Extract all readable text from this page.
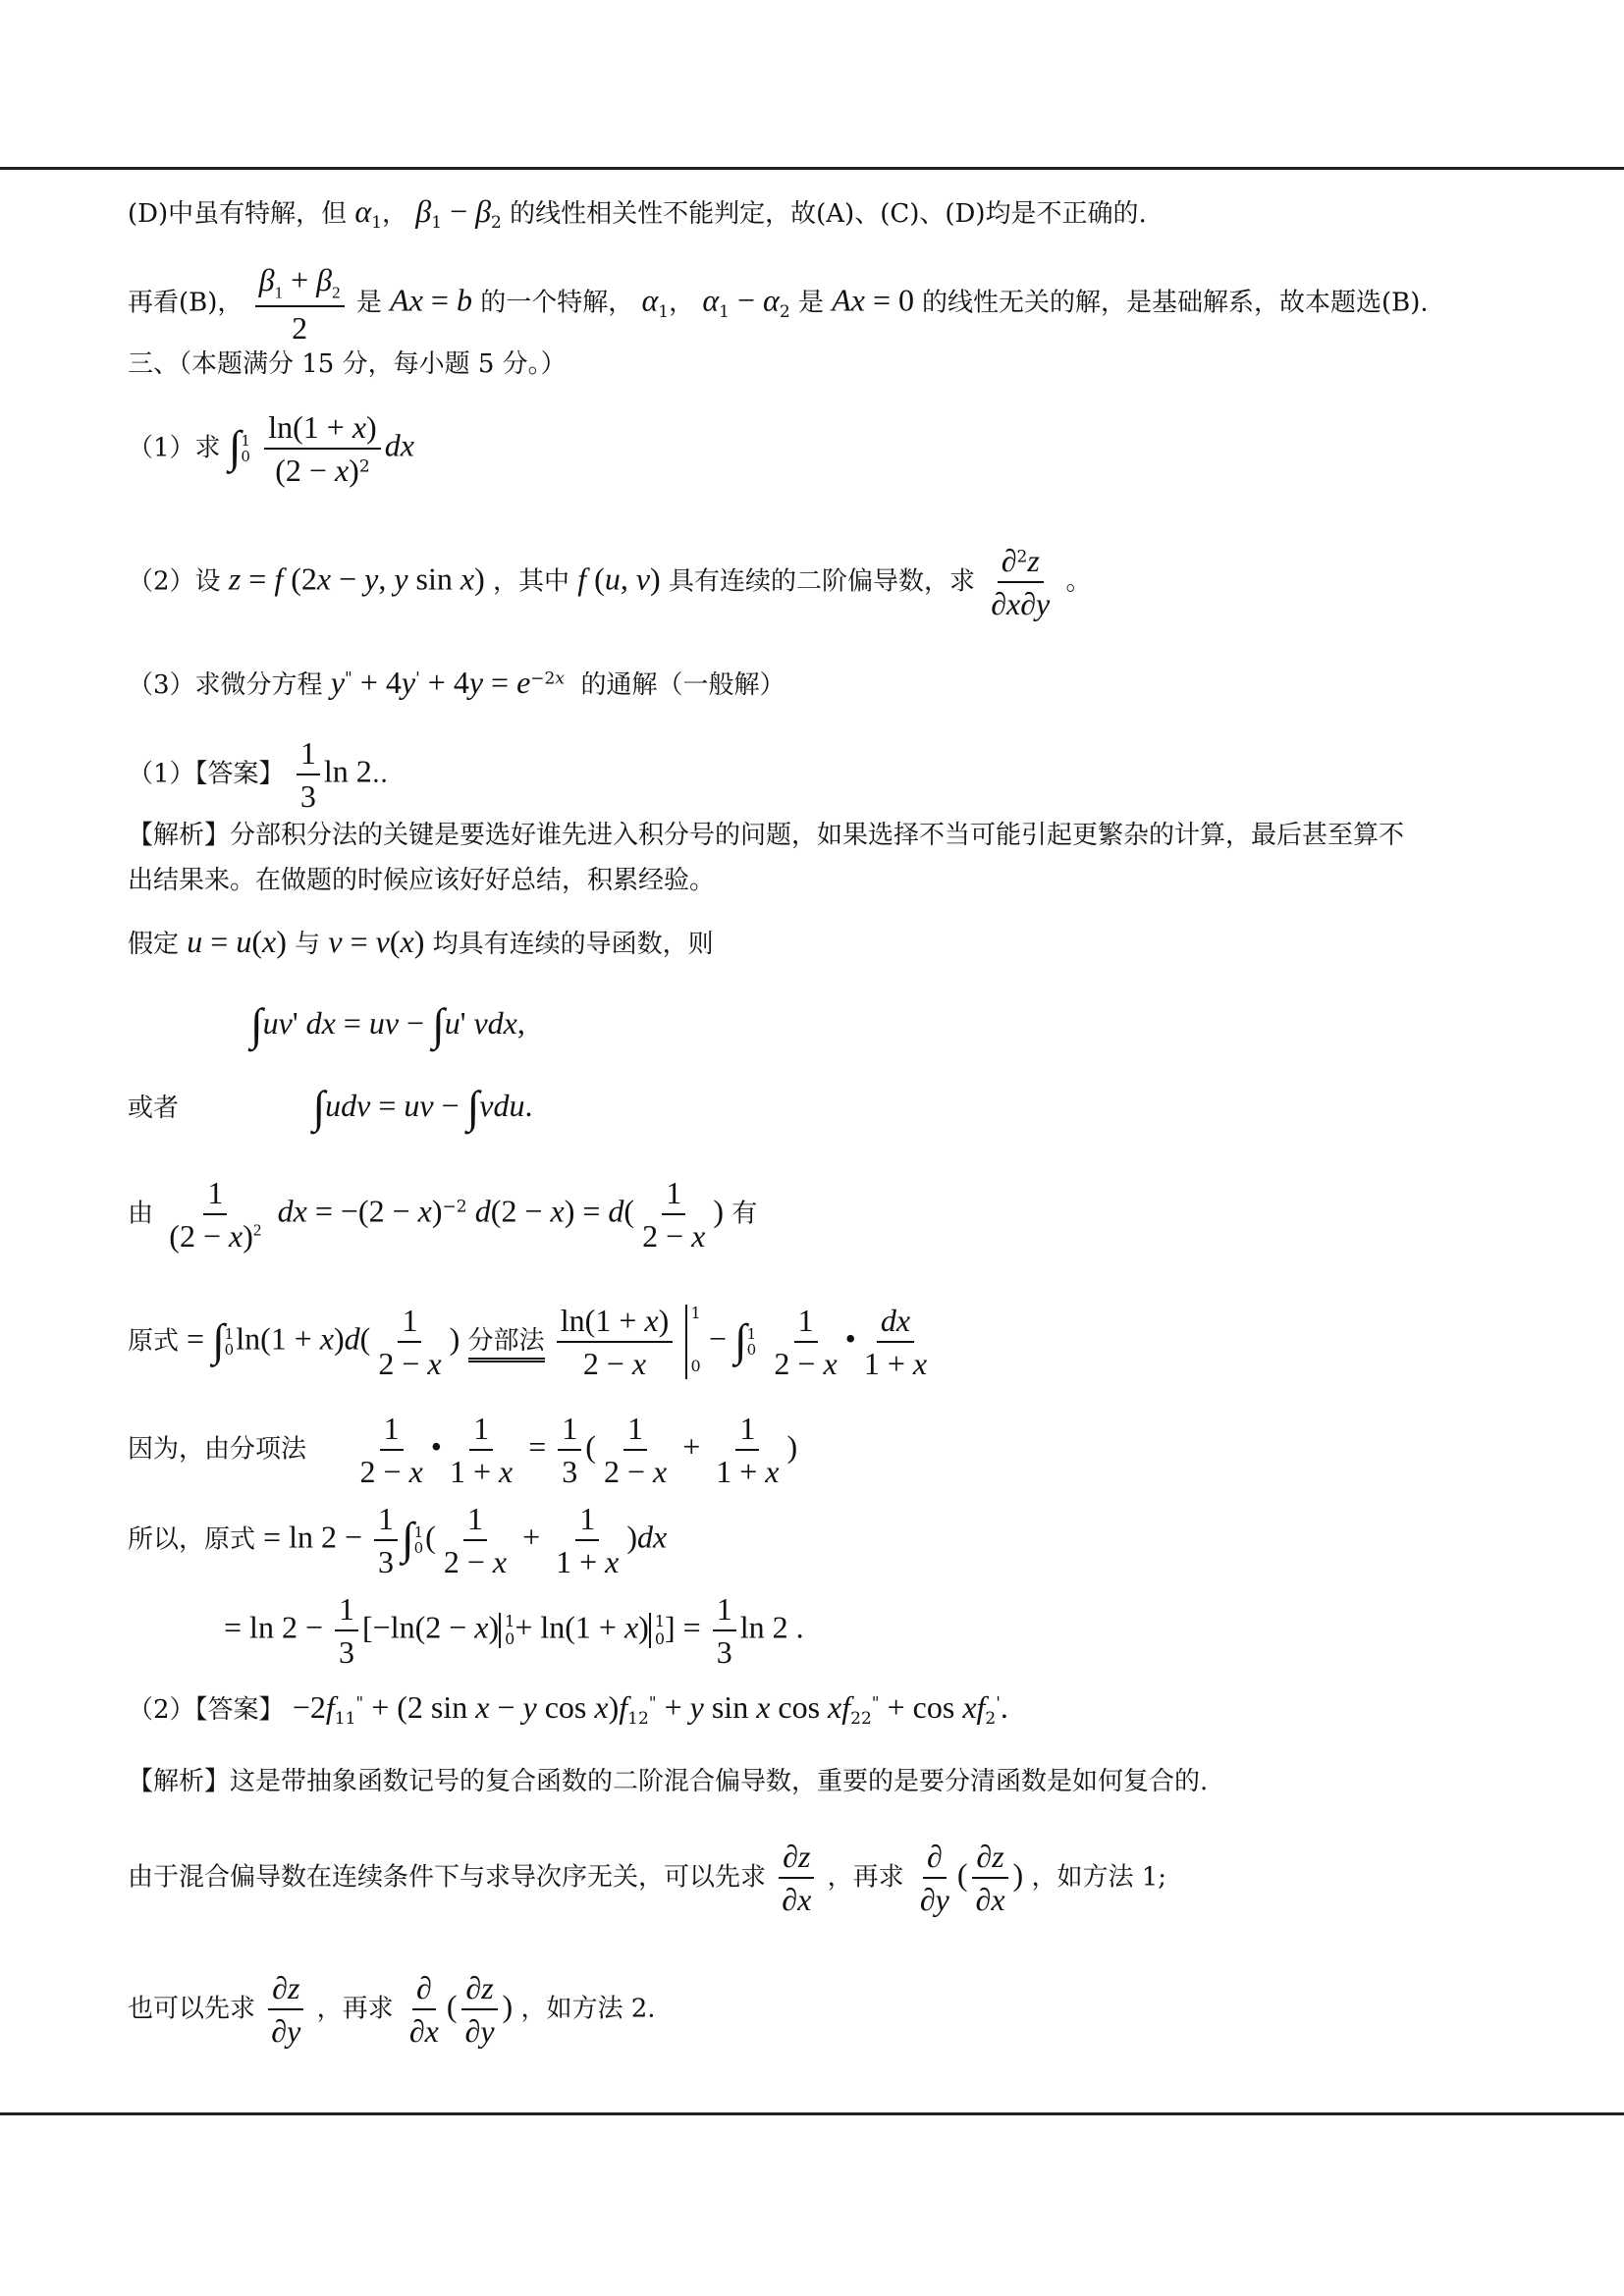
(D)中虽有特解，但 $\alpha_1$， $\beta_1 - \beta_2$ 的线性相关性不能判定，故(A)、(C)、(D)均是不正确的.
再看(B)， $\frac{\beta_1 + \beta_2}{2}$ 是 Ax = b 的一个特解， $\alpha_1$， $\alpha_1 - \alpha_2$ 是 Ax = 0 的线性无关的解，是基础解系，故本题选(B).
三、（本题满分 15 分，每小题 5 分。）
（1）求 ∫ 1
0
$\frac{\ln(1 + x)}{(2 - x)^2}$ dx
（2）设 z = f (2x − y, y sin x) ，其中 f (u, v) 具有连续的二阶偏导数，求 $\frac{\partial^2z}{\partial x\partial y}$ 。
（3）求微分方程 $y^" + 4y' + 4y = e^{-2x}$ 的通解（一般解）
（1）【答案】 $\frac{1}{3}$ ln 2..
【解析】分部积分法的关键是要选好谁先进入积分号的问题，如果选择不当可能引起更繁杂的计算，最后甚至算不
出结果来。在做题的时候应该好好总结，积累经验。
假定 u = u(x) 与 v = v(x) 均具有连续的导函数，则
∫uv' dx = uv − ∫u' vdx,
或者	∫udv = uv − ∫vdu.
由 $\frac{1}{(2 - x)^2}$ dx = $-(2 - x)^{-2}$ $d(2 - x) = d( \frac{1}{2 - x}$ ) 有
原式 = ∫ 1
0 $\ln(1 + x)d( \frac{1}{2 - x}$ ) 分部法 $\frac{\ln(1 + x)}{2 - x}$
1
0
− ∫ 1
0
$\frac{1}{2 - x}$ • $\frac{dx}{1 + x}$
因为，由分项法 $\frac{1}{2 - x}$ • $\frac{1}{1 + x} = \frac{1}{3}$ ( $\frac{1}{2 - x} + \frac{1}{1 + x}$ )
所以，原式 = $\ln 2 - \frac{1}{3}$ ∫ 1
0 ( $\frac{1}{2 - x} + \frac{1}{1 + x} )dx$
= $\ln 2 - \frac{1}{3} [-\ln(2 - x)$ 1
0 + ln(1 + x) 1
0 ] = $\frac{1}{3}$ ln 2 .
（2）【答案】 $-2f_{11}^" + (2$ sin x − y $\cos x)f_{12}^" + y$ sin x $\cos xf_{22}^" + \cos xf_2'$.
【解析】这是带抽象函数记号的复合函数的二阶混合偏导数，重要的是要分清函数是如何复合的.
由于混合偏导数在连续条件下与求导次序无关，可以先求 $\frac{\partial z}{\partial x}$ ，再求 $\frac{\partial}{\partial y}$ ( $\frac{\partial z}{\partial x}$ ) ，如方法 1;
也可以先求 $\frac{\partial z}{\partial y}$ ，再求 $\frac{\partial}{\partial x}$ ( $\frac{\partial z}{\partial y}$ ) ，如方法 2.
